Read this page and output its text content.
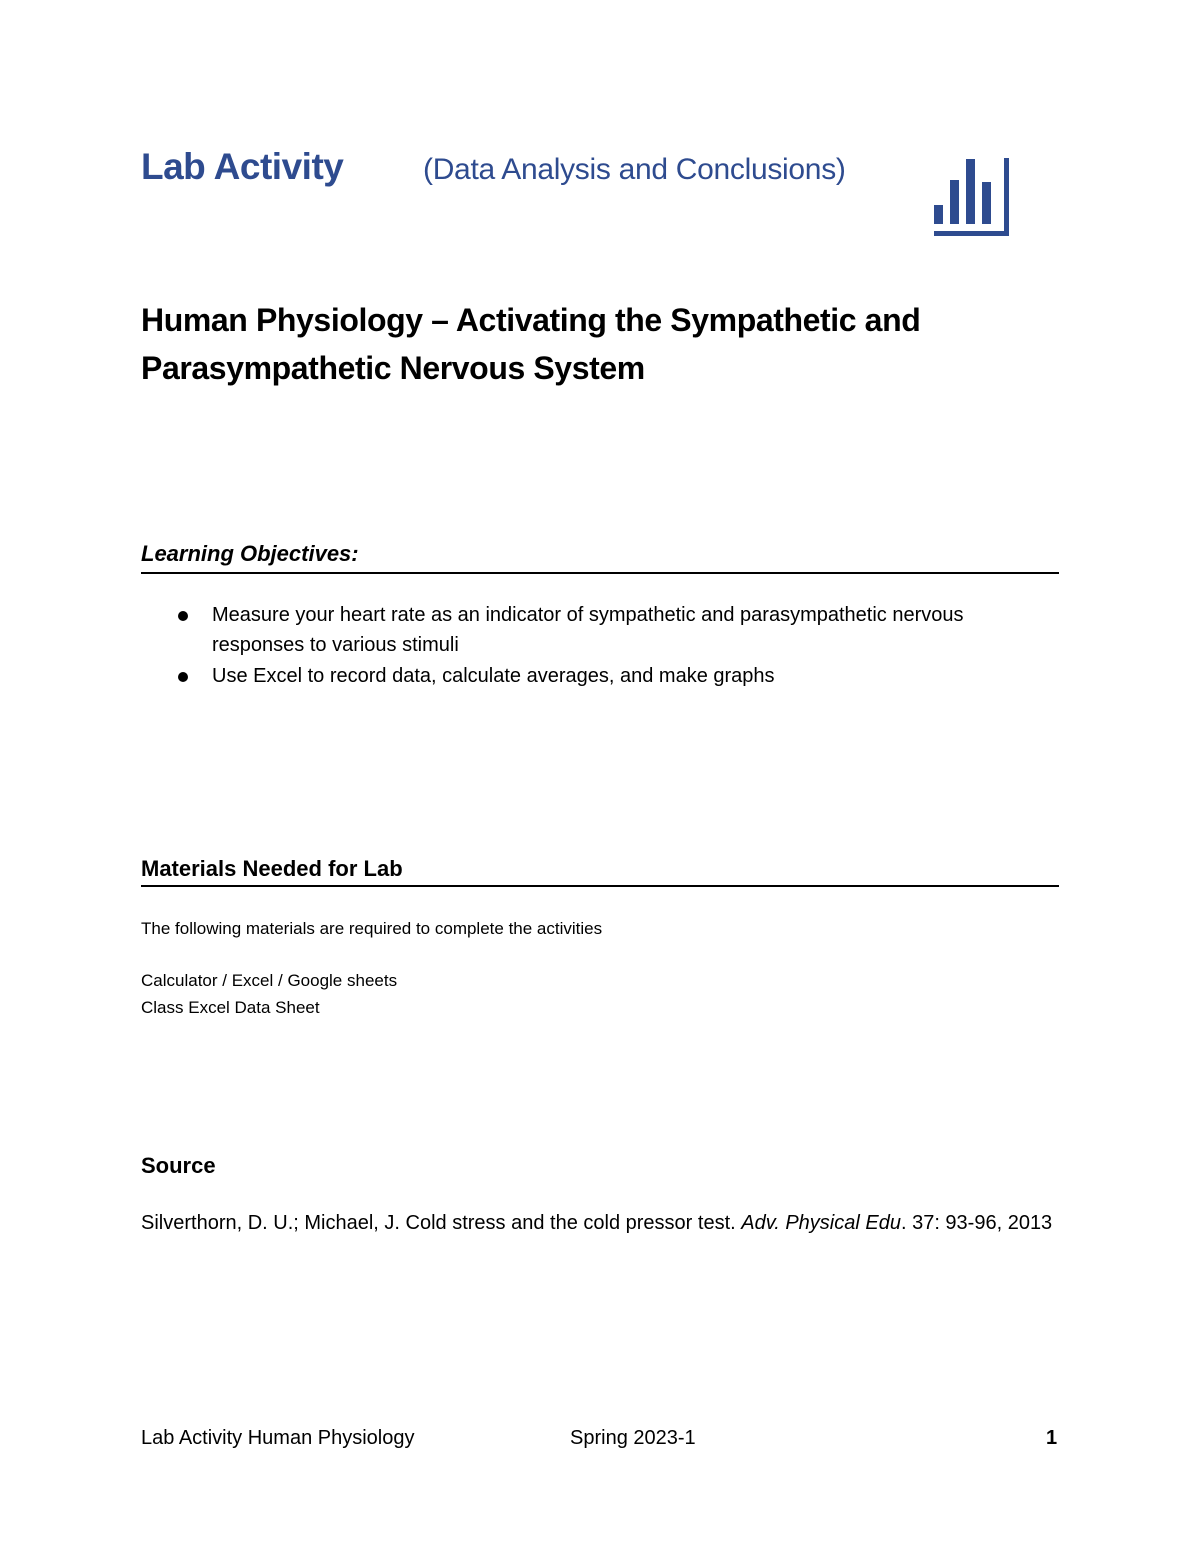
Lab Activity	(Data Analysis and Conclusions)
Human Physiology – Activating the Sympathetic and
Parasympathetic Nervous System
Learning Objectives:
Measure your heart rate as an indicator of sympathetic and parasympathetic nervous responses to various stimuli
Use Excel to record data, calculate averages, and make graphs
Materials Needed for Lab
The following materials are required to complete the activities
Calculator / Excel / Google sheets
Class Excel Data Sheet
Source
Silverthorn, D. U.; Michael, J. Cold stress and the cold pressor test. Adv. Physical Edu. 37: 93-96, 2013
Lab Activity Human Physiology	Spring 2023-1	1
